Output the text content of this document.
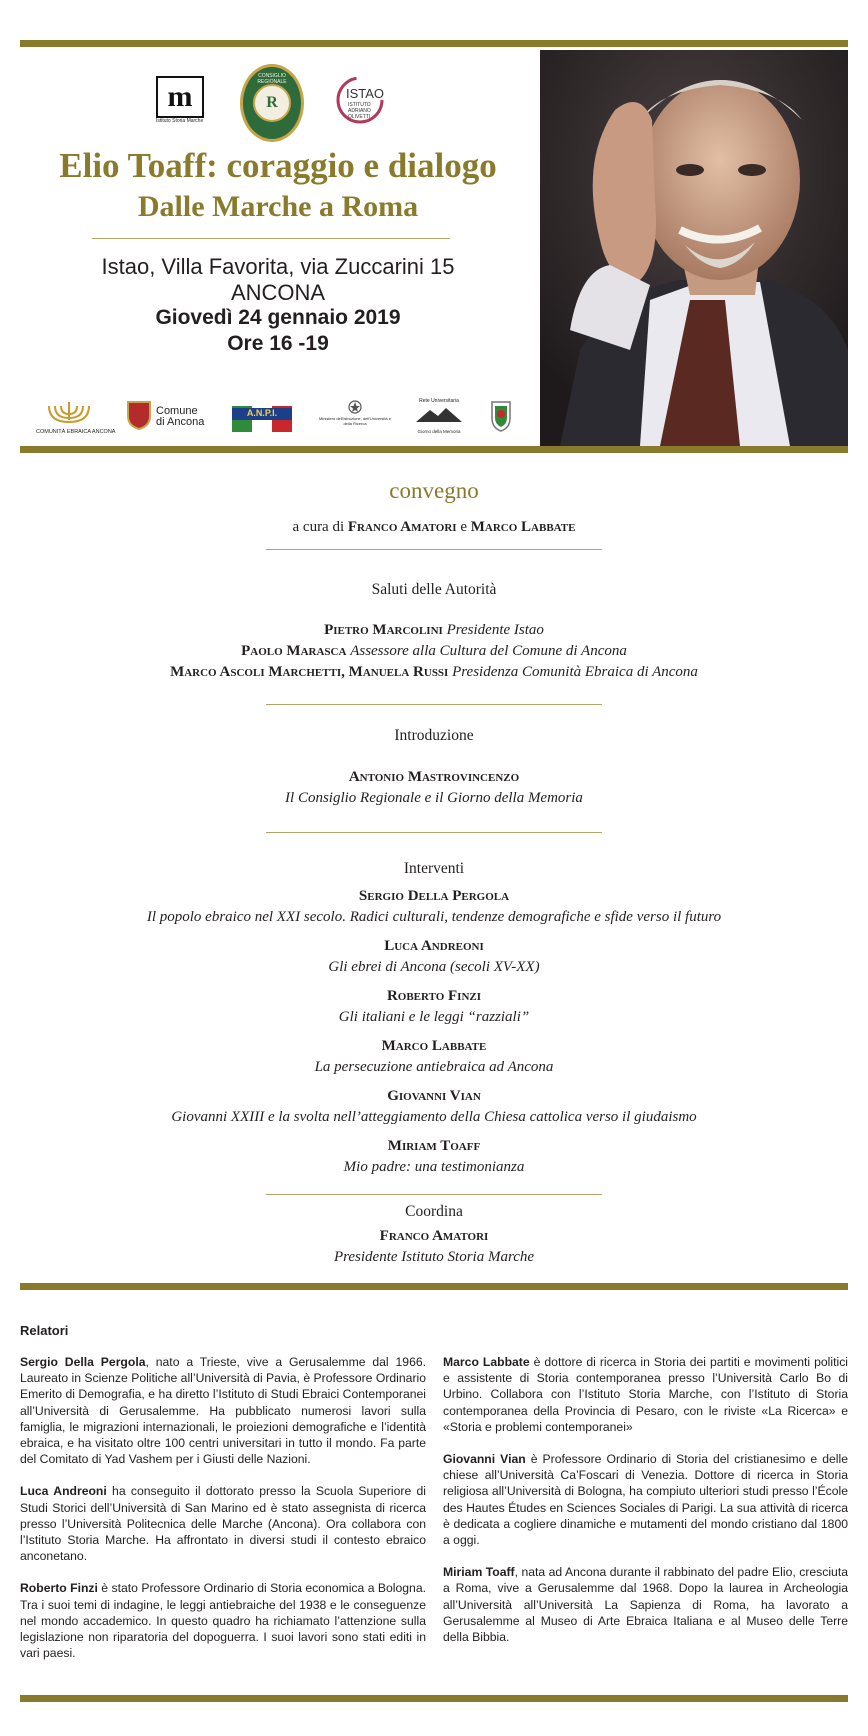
m
Istituto Storia Marche
R
CONSIGLIO REGIONALE
ISTAO
ISTITUTO ADRIANO OLIVETTI
Elio Toaff: coraggio e dialogo
Dalle Marche a Roma
Istao, Villa Favorita, via Zuccarini 15
ANCONA
Giovedì 24 gennaio 2019
Ore 16 -19
COMUNITÀ EBRAICA ANCONA
Comune
di Ancona
A.N.P.I.
Ministero dell'Istruzione, dell'Università e della Ricerca
Rete Universitaria
Giorno della Memoria
convegno
a cura di Franco Amatori e Marco Labbate
Saluti delle Autorità
Pietro Marcolini Presidente Istao
Paolo Marasca Assessore alla Cultura del Comune di Ancona
Marco Ascoli Marchetti, Manuela Russi Presidenza Comunità Ebraica di Ancona
Introduzione
Antonio Mastrovincenzo
Il Consiglio Regionale e il Giorno della Memoria
Interventi
Sergio Della Pergola
Il popolo ebraico nel XXI secolo. Radici culturali, tendenze demografiche e sfide verso il futuro
Luca Andreoni
Gli ebrei di Ancona (secoli XV-XX)
Roberto Finzi
Gli italiani e le leggi “razziali”
Marco Labbate
La persecuzione antiebraica ad Ancona
Giovanni Vian
Giovanni XXIII e la svolta nell’atteggiamento della Chiesa cattolica verso il giudaismo
Miriam Toaff
Mio padre: una testimonianza
Coordina
Franco Amatori
Presidente Istituto Storia Marche
Relatori

Sergio Della Pergola, nato a Trieste, vive a Gerusalemme dal 1966. Laureato in Scienze Politiche all’Università di Pavia, è Professore Ordinario Emerito di Demografia, e ha diretto l’Istituto di Studi Ebraici Contemporanei all’Università di Gerusalemme. Ha pubblicato numerosi lavori sulla famiglia, le migrazioni internazionali, le proiezioni demografiche e l’identità ebraica, e ha visitato oltre 100 centri universitari in tutto il mondo. Fa parte del Comitato di Yad Vashem per i Giusti delle Nazioni.

Luca Andreoni ha conseguito il dottorato presso la Scuola Superiore di Studi Storici dell’Università di San Marino ed è stato assegnista di ricerca presso l’Università Politecnica delle Marche (Ancona). Ora collabora con l’Istituto Storia Marche. Ha affrontato in diversi studi il contesto ebraico anconetano.

Roberto Finzi è stato Professore Ordinario di Storia economica a Bologna. Tra i suoi temi di indagine, le leggi antiebraiche del 1938 e le conseguenze nel mondo accademico. In questo quadro ha richiamato l’attenzione sulla legislazione non riparatoria del dopoguerra. I suoi lavori sono stati editi in vari paesi.

Marco Labbate è dottore di ricerca in Storia dei partiti e movimenti politici e assistente di Storia contemporanea presso l’Università Carlo Bo di Urbino. Collabora con l’Istituto Storia Marche, con l’Istituto di Storia contemporanea della Provincia di Pesaro, con le riviste «La Ricerca» e «Storia e problemi contemporanei»

Giovanni Vian è Professore Ordinario di Storia del cristianesimo e delle chiese all’Università Ca’Foscari di Venezia. Dottore di ricerca in Storia religiosa all’Università di Bologna, ha compiuto ulteriori studi presso l’École des Hautes Études en Sciences Sociales di Parigi. La sua attività di ricerca è dedicata a cogliere dinamiche e mutamenti del mondo cristiano dal 1800 a oggi.

Miriam Toaff, nata ad Ancona durante il rabbinato del padre Elio, cresciuta a Roma, vive a Gerusalemme dal 1968. Dopo la laurea in Archeologia all’Università all’Università La Sapienza di Roma, ha lavorato a Gerusalemme al Museo di Arte Ebraica Italiana e al Museo delle Terre della Bibbia.
